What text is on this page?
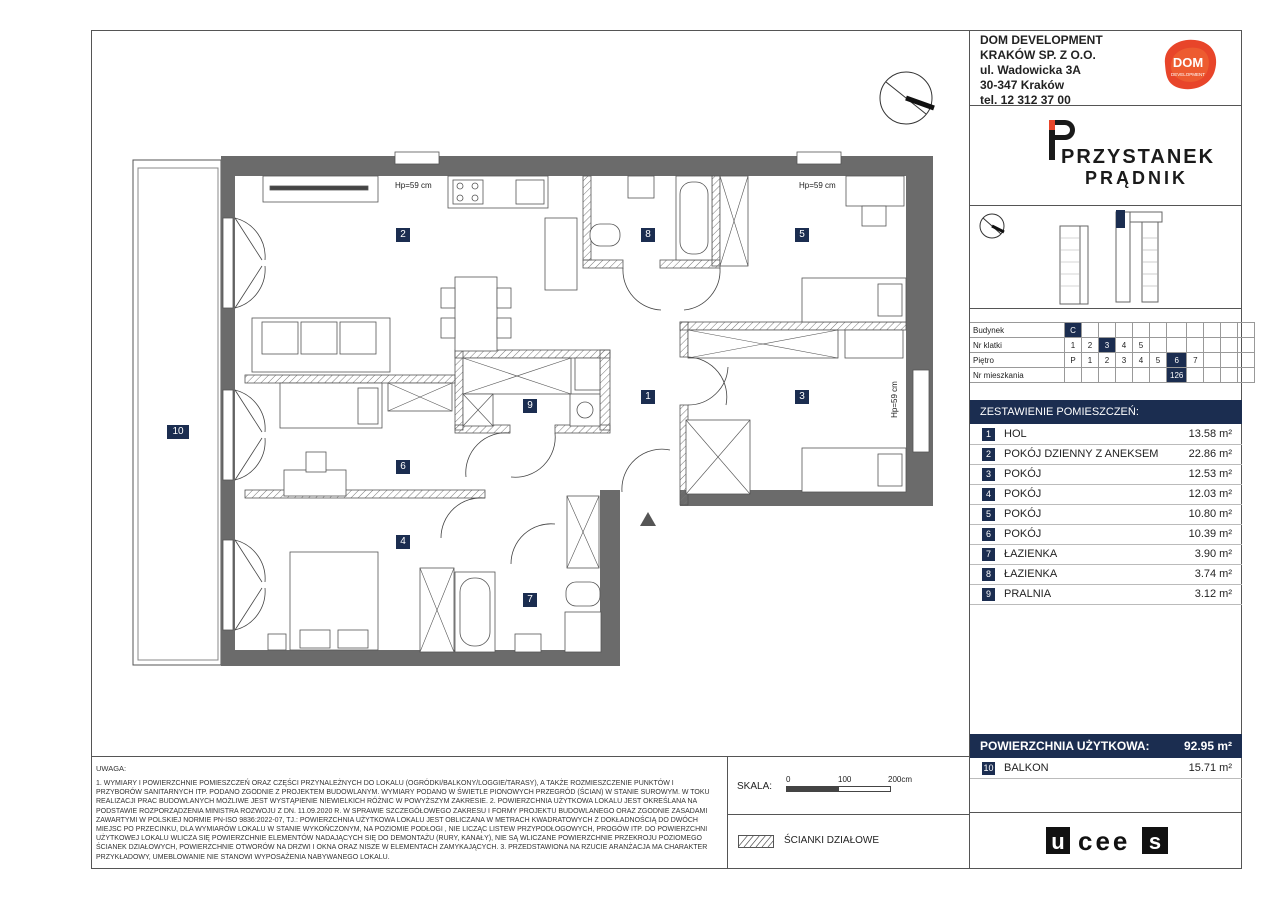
DOM DEVELOPMENT
KRAKÓW SP. Z O.O.
ul. Wadowicka 3A
30-347 Kraków
tel. 12 312 37 00
DOM
DEVELOPMENT
PRZYSTANEK
PRĄDNIK
Budynek	C										
Nr klatki	1	2	3	4	5						
Piętro	P	1	2	3	4	5	6	7			
Nr mieszkania							126				
ZESTAWIENIE POMIESZCZEŃ:
1	HOL	13.58 m²
2	POKÓJ DZIENNY Z ANEKSEM	22.86 m²
3	POKÓJ	12.53 m²
4	POKÓJ	12.03 m²
5	POKÓJ	10.80 m²
6	POKÓJ	10.39 m²
7	ŁAZIENKA	3.90 m²
8	ŁAZIENKA	3.74 m²
9	PRALNIA	3.12 m²
POWIERZCHNIA UŻYTKOWA:	92.95 m²
10 BALKON	15.71 m²
UWAGA:
1. WYMIARY I POWIERZCHNIE POMIESZCZEŃ ORAZ CZĘŚCI PRZYNALEŻNYCH DO LOKALU (OGRÓDKI/BALKONY/LOGGIE/TARASY), A TAKŻE ROZMIESZCZENIE PUNKTÓW I PRZYBORÓW SANITARNYCH ITP. PODANO ZGODNIE Z PROJEKTEM BUDOWLANYM. WYMIARY PODANO W ŚWIETLE PIONOWYCH PRZEGRÓD (ŚCIAN) W STANIE SUROWYM. W TOKU REALIZACJI PRAC BUDOWLANYCH MOŻLIWE JEST WYSTĄPIENIE NIEWIELKICH RÓŻNIC W POWYŻSZYM ZAKRESIE. 2. POWIERZCHNIA UŻYTKOWA LOKALU JEST OKREŚLANA NA PODSTAWIE ROZPORZĄDZENIA MINISTRA ROZWOJU Z DN. 11.09.2020 R. W SPRAWIE SZCZEGÓŁOWEGO ZAKRESU I FORMY PROJEKTU BUDOWLANEGO ORAZ ZGODNIE ZASADAMI ZAWARTYMI W POLSKIEJ NORMIE PN-ISO 9836:2022-07, TJ.: POWIERZCHNIA UŻYTKOWA LOKALU JEST OBLICZANA W METRACH KWADRATOWYCH Z DOKŁADNOŚCIĄ DO DWÓCH MIEJSC PO PRZECINKU, DLA WYMIARÓW LOKALU W STANIE WYKOŃCZONYM, NA POZIOMIE PODŁOGI , NIE LICZĄC LISTEW PRZYPODŁOGOWYCH, PROGÓW ITP. DO POWIERZCHNI UŻYTKOWEJ LOKALU WLICZA SIĘ POWIERZCHNIE ELEMENTÓW NADAJĄCYCH SIĘ DO DEMONTAŻU (RURY, KANAŁY), NIE SĄ WLICZANE POWIERZCHNIE PRZEKROJU POZIOMEGO ŚCIANEK DZIAŁOWYCH, POWIERZCHNIE OTWORÓW NA DRZWI I OKNA ORAZ NISZE W ELEMENTACH ZAMYKAJĄCYCH. 3. PRZEDSTAWIONA NA RZUCIE ARANŻACJA MA CHARAKTER PRZYKŁADOWY, UMEBLOWANIE NIE STANOWI WYPOSAŻENIA NABYWANEGO LOKALU.
SKALA:
0	100	200cm
ŚCIANKI DZIAŁOWE	u cee s
1
2
3
4
5
6
7
8
9
10
Hp=59 cm	Hp=59 cm
Hp=59 cm
